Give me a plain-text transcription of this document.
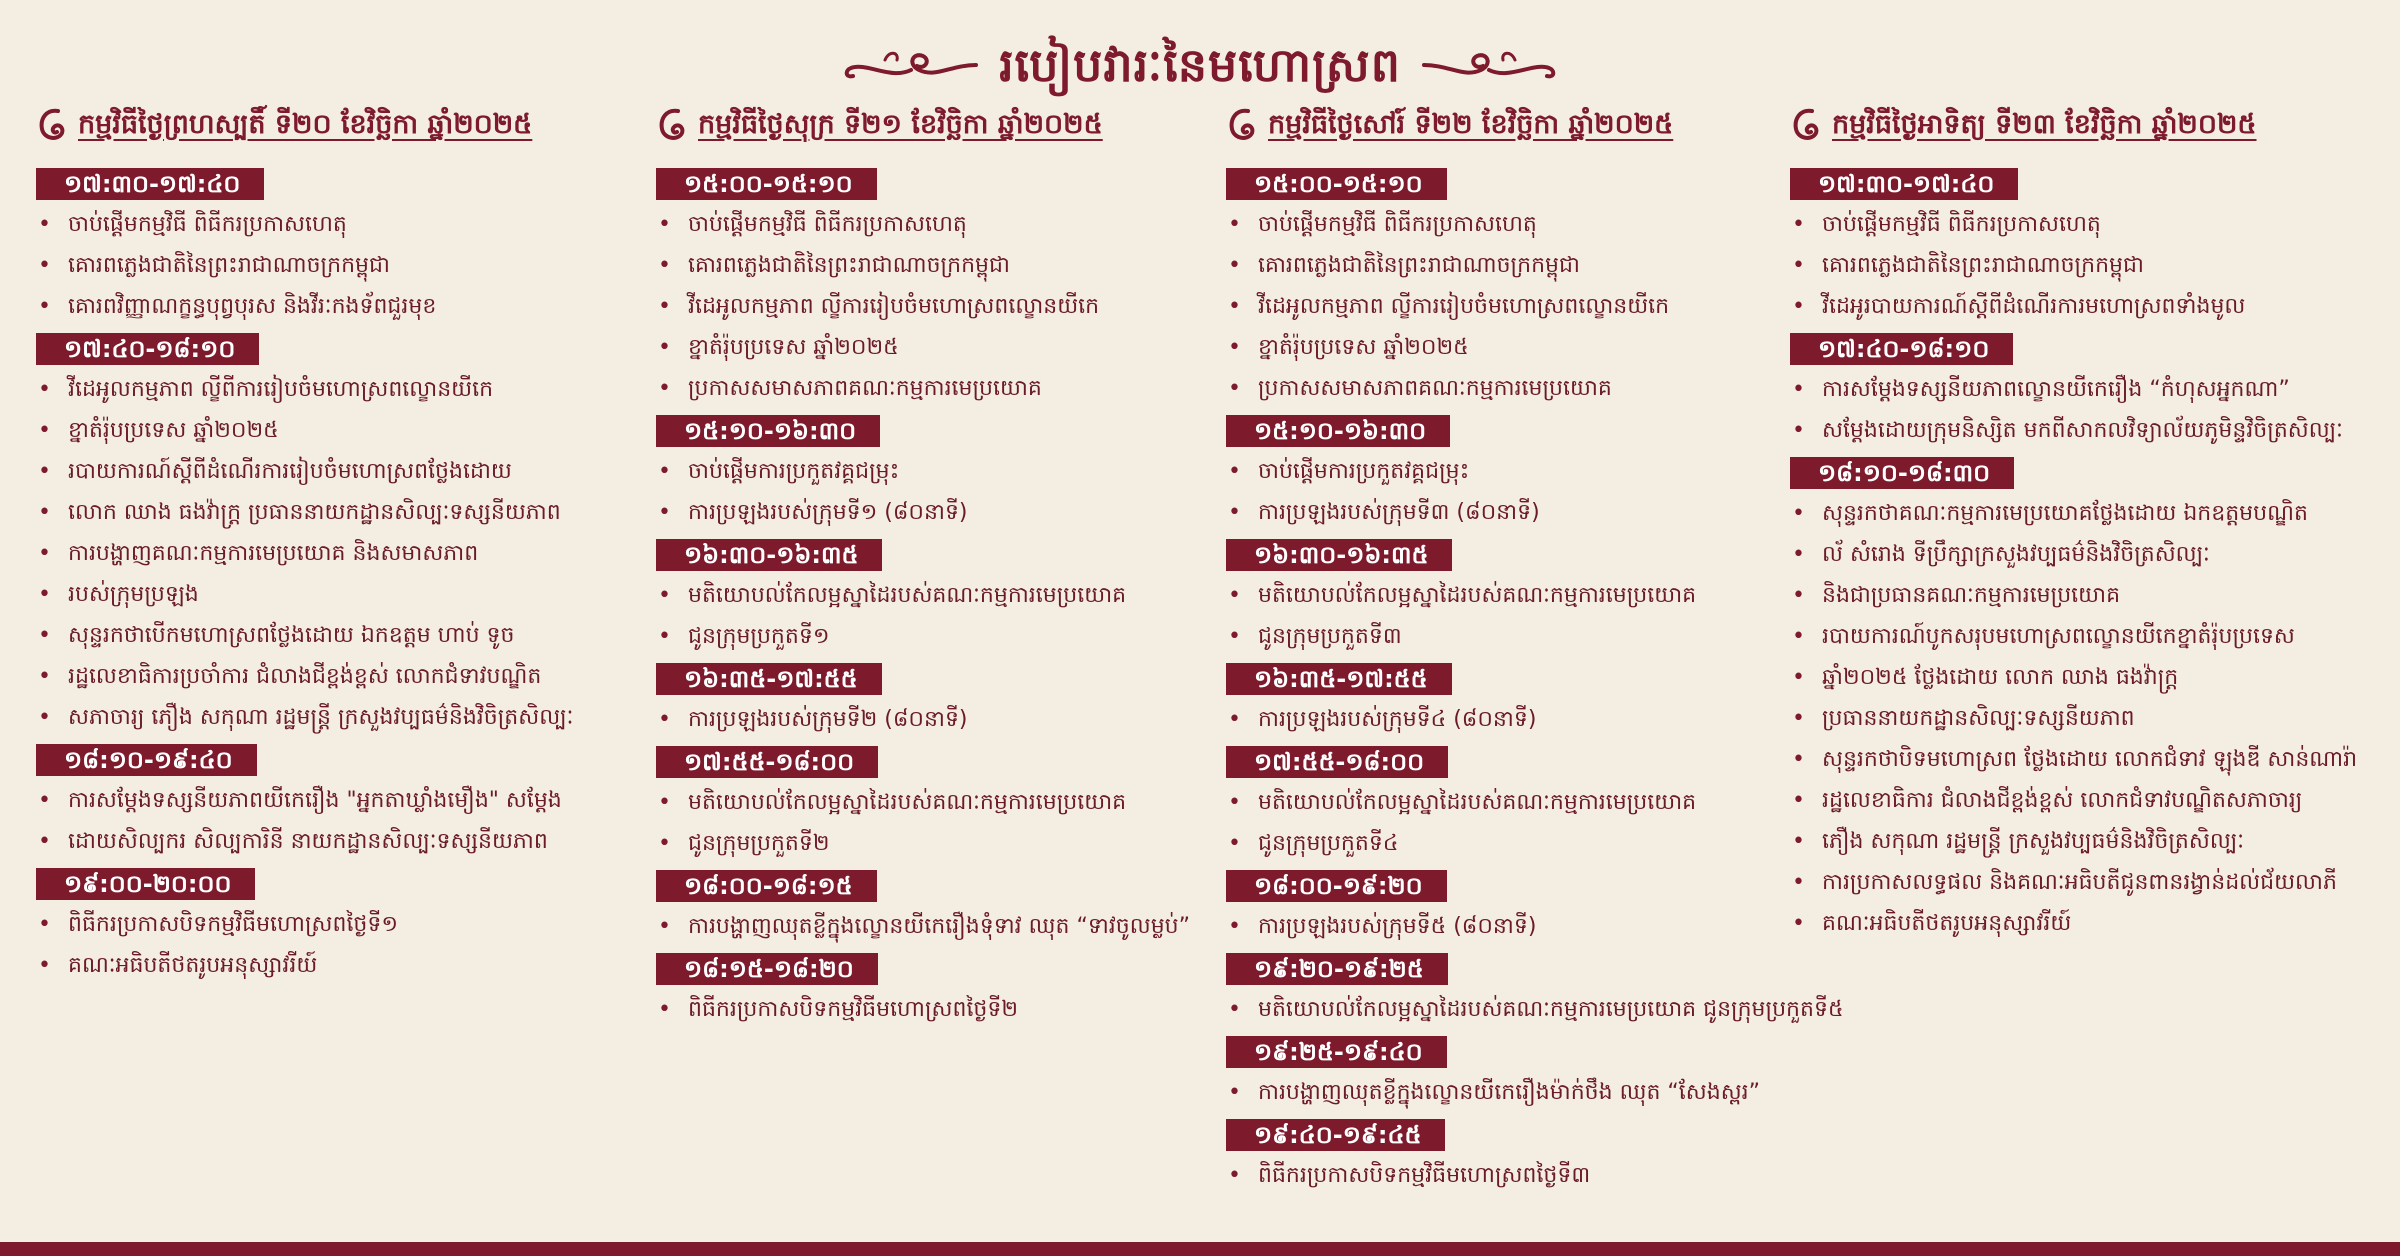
របៀបវារៈនៃមហោស្រព
កម្មវិធីថ្ងៃព្រហស្បតិ៍ ទី២០ ខែវិច្ឆិកា ឆ្នាំ២០២៥
១៧:៣០-១៧:៤០
• ចាប់ផ្តើមកម្មវិធី ពិធីករប្រកាសហេតុ
• គោរពភ្លេងជាតិនៃព្រះរាជាណាចក្រកម្ពុជា
• គោរពវិញ្ញាណក្ខន្ធបុព្វបុរស និងវីរៈកងទ័ពជួរមុខ
១៧:៤០-១៨:១០
• វីដេអូលកម្មភាព ល្ខីពីការរៀបចំមហោស្រពល្ខោនយីកេ
• ខ្នាតំរ៉ុបប្រទេស ឆ្នាំ២០២៥
• របាយការណ៍ស្តីពីដំណើរការរៀបចំមហោស្រពថ្លែងដោយ
• លោក ឈាង ធងវ៉ាក្ត្រ ប្រធាននាយកដ្ឋានសិល្បៈទស្សនីយភាព
• ការបង្ហាញគណៈកម្មការមេប្រយោគ និងសមាសភាព
• របស់ក្រុមប្រឡង
• សុន្ទរកថាបើកមហោស្រពថ្លែងដោយ ឯកឧត្តម ហាប់ ទូច
• រដ្ឋលេខាធិការប្រចាំការ ជំលាងជីខ្ពង់ខ្ពស់ លោកជំទាវបណ្ឌិត
• សភាចារ្យ ភឿង សកុណា រដ្ឋមន្ត្រី ក្រសួងវប្បធម៌និងវិចិត្រសិល្បៈ
១៨:១០-១៩:៤០
• ការសម្តែងទស្សនីយភាពយីកេរឿង "អ្នកតាឃ្លាំងមឿង" សម្តែង
• ដោយសិល្បករ សិល្បការិនី នាយកដ្ឋានសិល្បៈទស្សនីយភាព
១៩:០០-២០:០០
• ពិធីករប្រកាសបិទកម្មវិធីមហោស្រពថ្ងៃទី១
• គណៈអធិបតីថតរូបអនុស្សាវរីយ៍
កម្មវិធីថ្ងៃសុក្រ ទី២១ ខែវិច្ឆិកា ឆ្នាំ២០២៥
១៥:០០-១៥:១០
• ចាប់ផ្តើមកម្មវិធី ពិធីករប្រកាសហេតុ
• គោរពភ្លេងជាតិនៃព្រះរាជាណាចក្រកម្ពុជា
• វីដេអូលកម្មភាព ល្ខីការរៀបចំមហោស្រពល្ខោនយីកេ
• ខ្នាតំរ៉ុបប្រទេស ឆ្នាំ២០២៥
• ប្រកាសសមាសភាពគណៈកម្មការមេប្រយោគ
១៥:១០-១៦:៣០
• ចាប់ផ្តើមការប្រកួតវគ្គជម្រុះ
• ការប្រឡងរបស់ក្រុមទី១ (៨០នាទី)
១៦:៣០-១៦:៣៥
• មតិយោបល់កែលម្អស្នាដៃរបស់គណៈកម្មការមេប្រយោគ
• ជូនក្រុមប្រកួតទី១
១៦:៣៥-១៧:៥៥
• ការប្រឡងរបស់ក្រុមទី២ (៨០នាទី)
១៧:៥៥-១៨:០០
• មតិយោបល់កែលម្អស្នាដៃរបស់គណៈកម្មការមេប្រយោគ
• ជូនក្រុមប្រកួតទី២
១៨:០០-១៨:១៥
• ការបង្ហាញឈុតខ្លីក្នុងល្ខោនយីកេរឿងទុំទាវ ឈុត “ទាវចូលម្លប់”
១៨:១៥-១៨:២០
• ពិធីករប្រកាសបិទកម្មវិធីមហោស្រពថ្ងៃទី២
កម្មវិធីថ្ងៃសៅរ៍ ទី២២ ខែវិច្ឆិកា ឆ្នាំ២០២៥
១៥:០០-១៥:១០
• ចាប់ផ្តើមកម្មវិធី ពិធីករប្រកាសហេតុ
• គោរពភ្លេងជាតិនៃព្រះរាជាណាចក្រកម្ពុជា
• វីដេអូលកម្មភាព ល្ខីការរៀបចំមហោស្រពល្ខោនយីកេ
• ខ្នាតំរ៉ុបប្រទេស ឆ្នាំ២០២៥
• ប្រកាសសមាសភាពគណៈកម្មការមេប្រយោគ
១៥:១០-១៦:៣០
• ចាប់ផ្តើមការប្រកួតវគ្គជម្រុះ
• ការប្រឡងរបស់ក្រុមទី៣ (៨០នាទី)
១៦:៣០-១៦:៣៥
• មតិយោបល់កែលម្អស្នាដៃរបស់គណៈកម្មការមេប្រយោគ
• ជូនក្រុមប្រកួតទី៣
១៦:៣៥-១៧:៥៥
• ការប្រឡងរបស់ក្រុមទី៤ (៨០នាទី)
១៧:៥៥-១៨:០០
• មតិយោបល់កែលម្អស្នាដៃរបស់គណៈកម្មការមេប្រយោគ
• ជូនក្រុមប្រកួតទី៤
១៨:០០-១៩:២០
• ការប្រឡងរបស់ក្រុមទី៥ (៨០នាទី)
១៩:២០-១៩:២៥
• មតិយោបល់កែលម្អស្នាដៃរបស់គណៈកម្មការមេប្រយោគ ជូនក្រុមប្រកួតទី៥
១៩:២៥-១៩:៤០
• ការបង្ហាញឈុតខ្លីក្នុងល្ខោនយីកេរឿងម៉ាក់ថឹង ឈុត “សែងស្ពរ”
១៩:៤០-១៩:៤៥
• ពិធីករប្រកាសបិទកម្មវិធីមហោស្រពថ្ងៃទី៣
កម្មវិធីថ្ងៃអាទិត្យ ទី២៣ ខែវិច្ឆិកា ឆ្នាំ២០២៥
១៧:៣០-១៧:៤០
• ចាប់ផ្តើមកម្មវិធី ពិធីករប្រកាសហេតុ
• គោរពភ្លេងជាតិនៃព្រះរាជាណាចក្រកម្ពុជា
• វីដេអូរបាយការណ៍ស្តីពីដំណើរការមហោស្រពទាំងមូល
១៧:៤០-១៨:១០
• ការសម្តែងទស្សនីយភាពល្ខោនយីកេរឿង “កំហុសអ្នកណា”
• សម្តែងដោយក្រុមនិស្សិត មកពីសាកលវិទ្យាល័យភូមិន្ទវិចិត្រសិល្បៈ
១៨:១០-១៨:៣០
• សុន្ទរកថាគណៈកម្មការមេប្រយោគថ្លែងដោយ ឯកឧត្តមបណ្ឌិត
• ល័ សំរោង ទីប្រឹក្សាក្រសួងវប្បធម៌និងវិចិត្រសិល្បៈ
• និងជាប្រធានគណៈកម្មការមេប្រយោគ
• របាយការណ៍បូកសរុបមហោស្រពល្ខោនយីកេខ្នាតំរ៉ុបប្រទេស
• ឆ្នាំ២០២៥ ថ្លែងដោយ លោក ឈាង ធងវ៉ាក្ត្រ
• ប្រធាននាយកដ្ឋានសិល្បៈទស្សនីយភាព
• សុន្ទរកថាបិទមហោស្រព ថ្លែងដោយ លោកជំទាវ ឡុងឌី សាន់ណារ៉ា
• រដ្ឋលេខាធិការ ជំលាងជីខ្ពង់ខ្ពស់ លោកជំទាវបណ្ឌិតសភាចារ្យ
• ភឿង សកុណា រដ្ឋមន្ត្រី ក្រសួងវប្បធម៌និងវិចិត្រសិល្បៈ
• ការប្រកាសលទ្ធផល និងគណៈអធិបតីជូនពានរង្វាន់ដល់ជ័យលាភី
• គណៈអធិបតីថតរូបអនុស្សាវរីយ៍
